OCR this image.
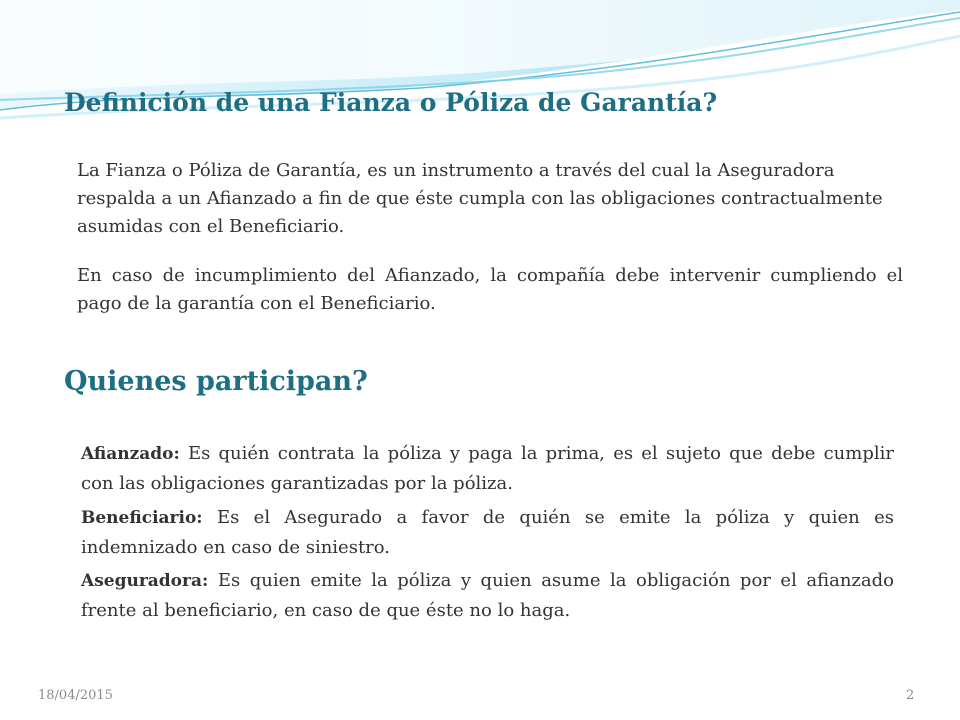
Definición de una Fianza o Póliza de Garantía?

La Fianza o Póliza de Garantía, es un instrumento a través del cual la Aseguradora respalda a un Afianzado a fin de que éste cumpla con las obligaciones contractualmente asumidas con el Beneficiario.

En caso de incumplimiento del Afianzado, la compañía debe intervenir cumpliendo el pago de la garantía con el Beneficiario.

Quienes participan?

Afianzado: Es quién contrata la póliza y paga la prima, es el sujeto que debe cumplir con las obligaciones garantizadas por la póliza.

Beneficiario: Es el Asegurado a favor de quién se emite la póliza y quien es indemnizado en caso de siniestro.

Aseguradora: Es quien emite la póliza y quien asume la obligación por el afianzado frente al beneficiario, en caso de que éste no lo haga.

18/04/2015	2
